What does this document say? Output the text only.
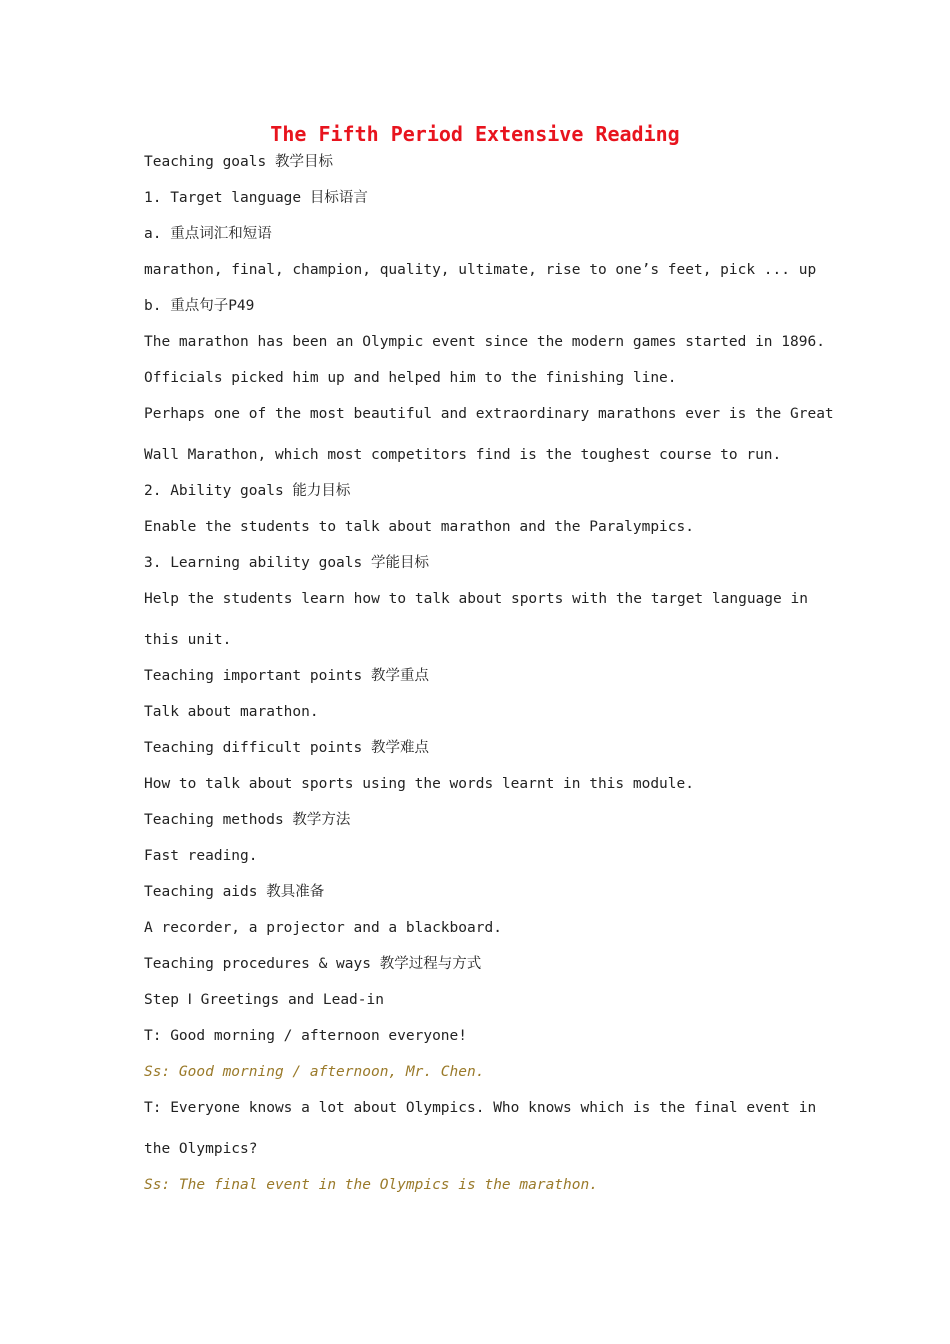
The Fifth Period Extensive Reading

Teaching goals 教学目标

1. Target language 目标语言

a. 重点词汇和短语

marathon, final, champion, quality, ultimate, rise to one’s feet, pick ... up

b. 重点句子P49

The marathon has been an Olympic event since the modern games started in 1896.

Officials picked him up and helped him to the finishing line.

Perhaps one of the most beautiful and extraordinary marathons ever is the Great

Wall Marathon, which most competitors find is the toughest course to run.

2. Ability goals 能力目标

Enable the students to talk about marathon and the Paralympics.

3. Learning ability goals 学能目标

Help the students learn how to talk about sports with the target language in

this unit.

Teaching important points 教学重点

Talk about marathon.

Teaching difficult points 教学难点

How to talk about sports using the words learnt in this module.

Teaching methods 教学方法

Fast reading.

Teaching aids 教具准备

A recorder, a projector and a blackboard.

Teaching procedures & ways 教学过程与方式

Step Ⅰ Greetings and Lead-in

T: Good morning / afternoon everyone!

Ss: Good morning / afternoon, Mr. Chen.

T: Everyone knows a lot about Olympics. Who knows which is the final event in

the Olympics?

Ss: The final event in the Olympics is the marathon.
